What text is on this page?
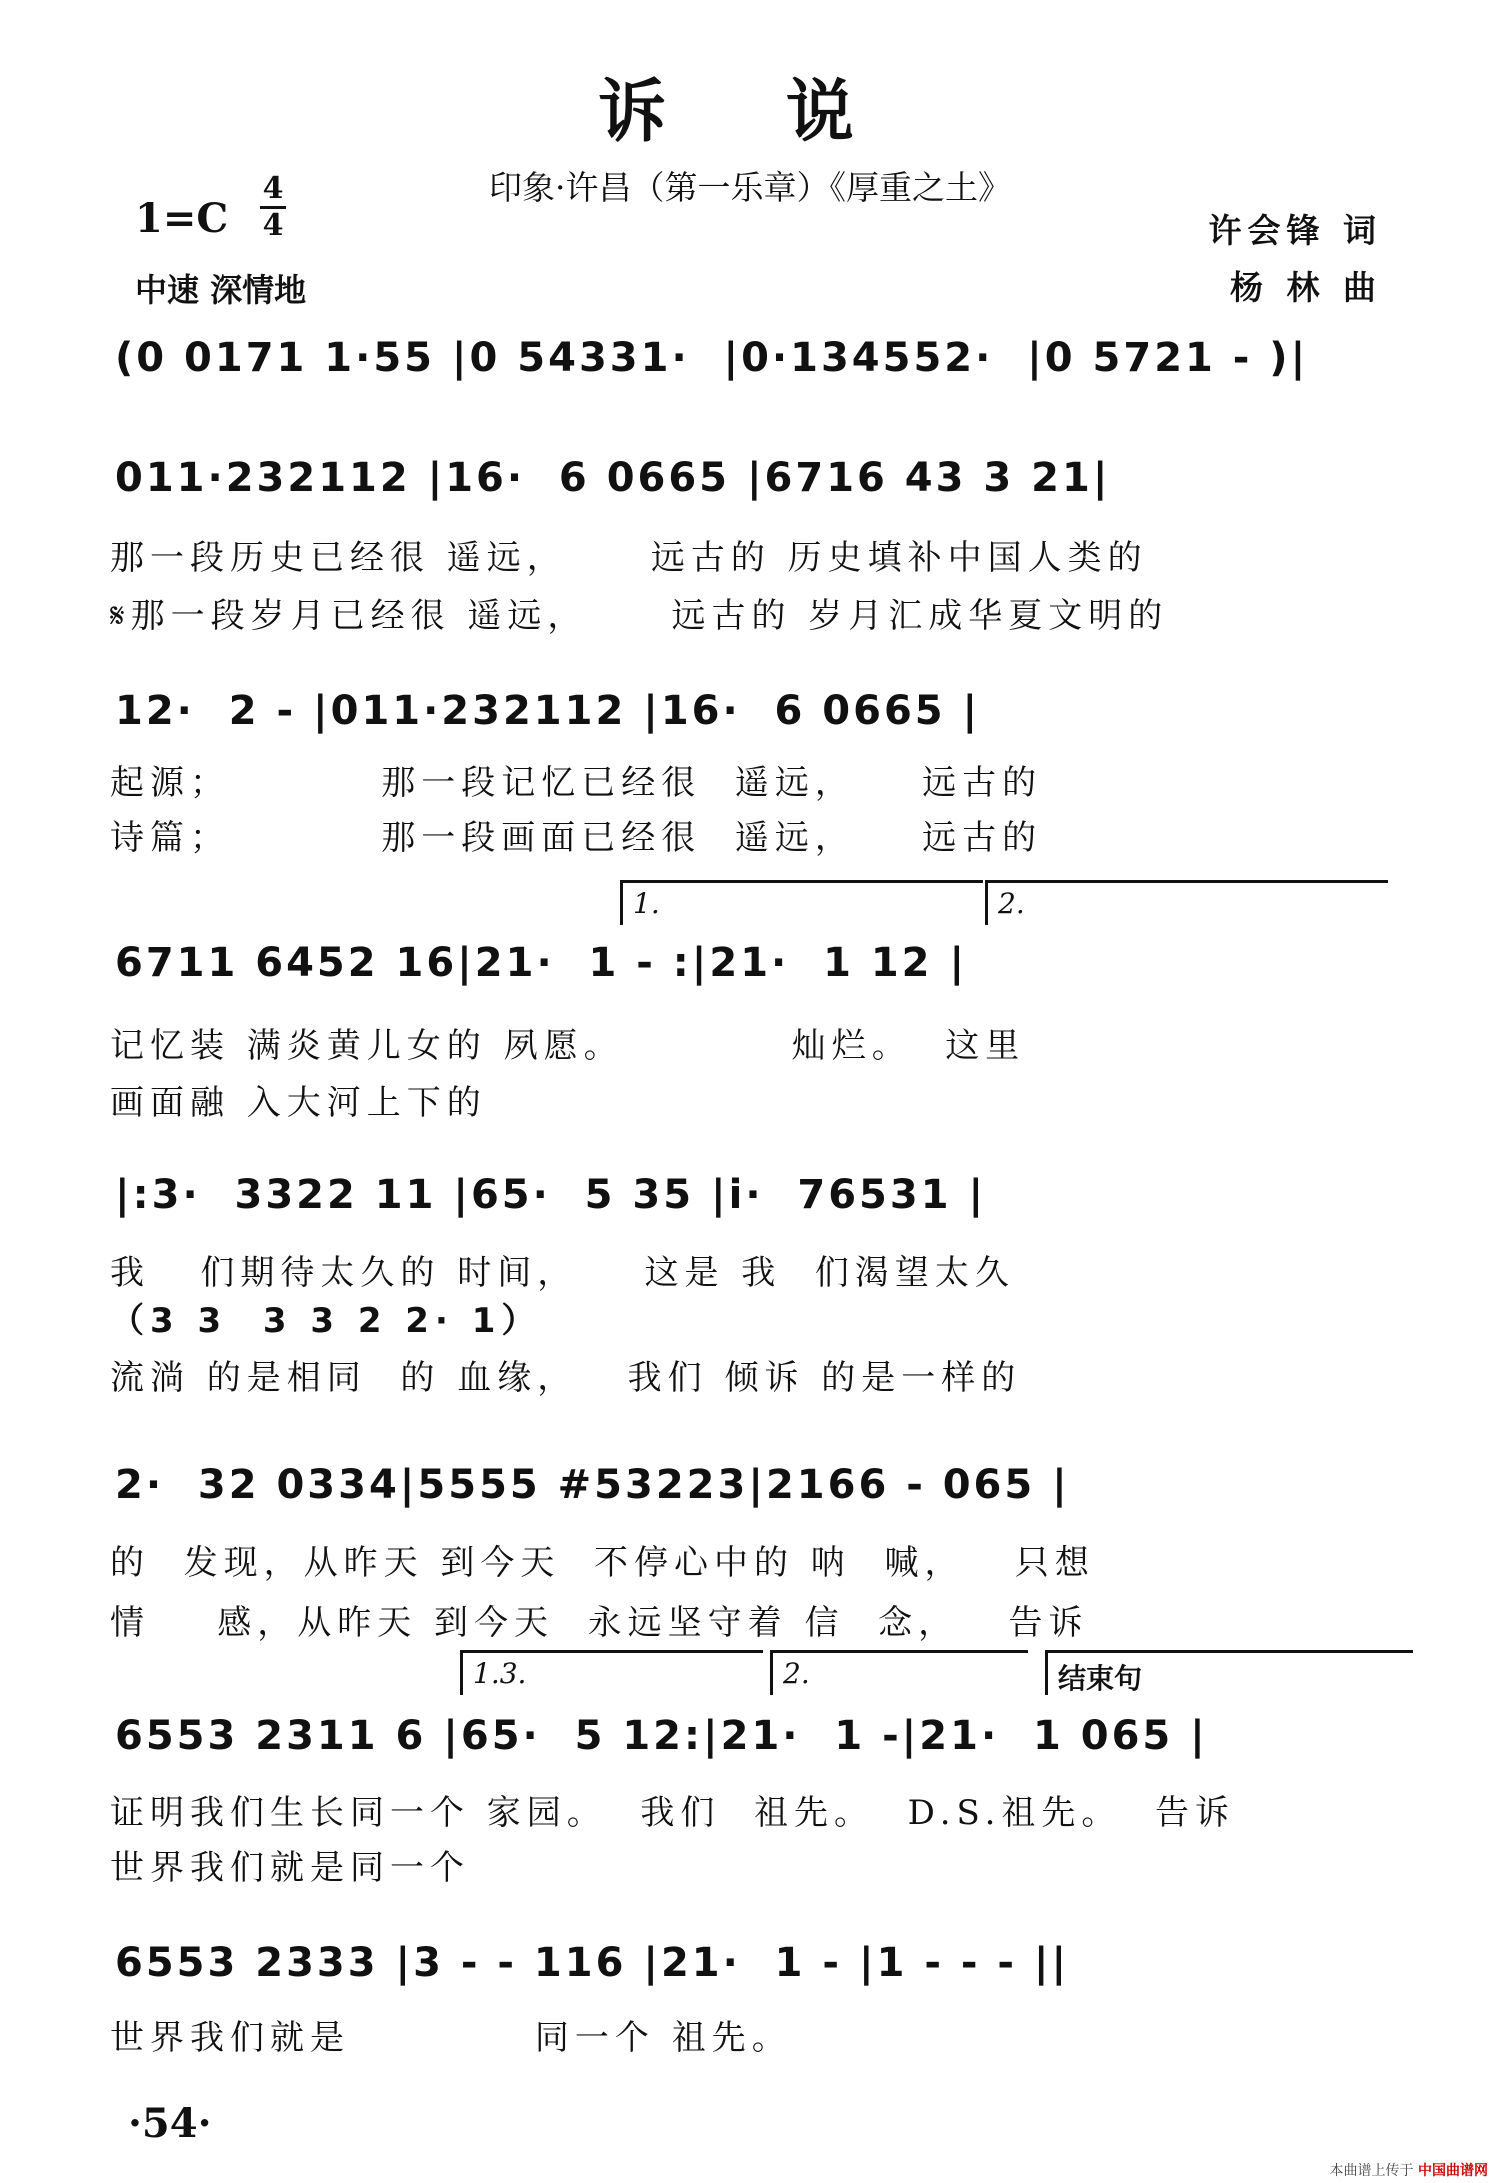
诉 说
印象·许昌（第一乐章）《厚重之土》
1=C
4
4
中速 深情地
许会锋 词
杨 林 曲
(0 0171 1·55 |0 54331·  |0·134552·  |0 5721 - )|
011·232112 |16·  6 0665 |6716 43 3 21|
那一段历史已经很 遥远，     远古的 历史填补中国人类的
𝄋那一段岁月已经很 遥远，     远古的 岁月汇成华夏文明的
12·  2 - |011·232112 |16·  6 0665 |
起源；         那一段记忆已经很  遥远，    远古的
诗篇；         那一段画面已经很  遥远，    远古的
1.	2.
6711 6452 16|21·  1 - :|21·  1 12 |
记忆装 满炎黄儿女的 夙愿。          灿烂。  这里
画面融 入大河上下的
|:3·  3322 11 |65·  5 35 |i·  76531 |
我   们期待太久的 时间，    这是 我  们渴望太久
（3 3  3 3 2 2· 1）
流淌 的是相同  的 血缘，   我们 倾诉 的是一样的
2·  32 0334|5555 #53223|2166 - 065 |
的  发现，从昨天 到今天  不停心中的 呐  喊，   只想
情    感，从昨天 到今天  永远坚守着 信  念，   告诉
1.3.	2.	结束句
6553 2311 6 |65·  5 12:|21·  1 -|21·  1 065 |
证明我们生长同一个 家园。  我们  祖先。  D.S.祖先。  告诉
世界我们就是同一个
6553 2333 |3 - - 116 |21·  1 - |1 - - - ||
世界我们就是           同一个 祖先。
·54·
本曲谱上传于 中国曲谱网
